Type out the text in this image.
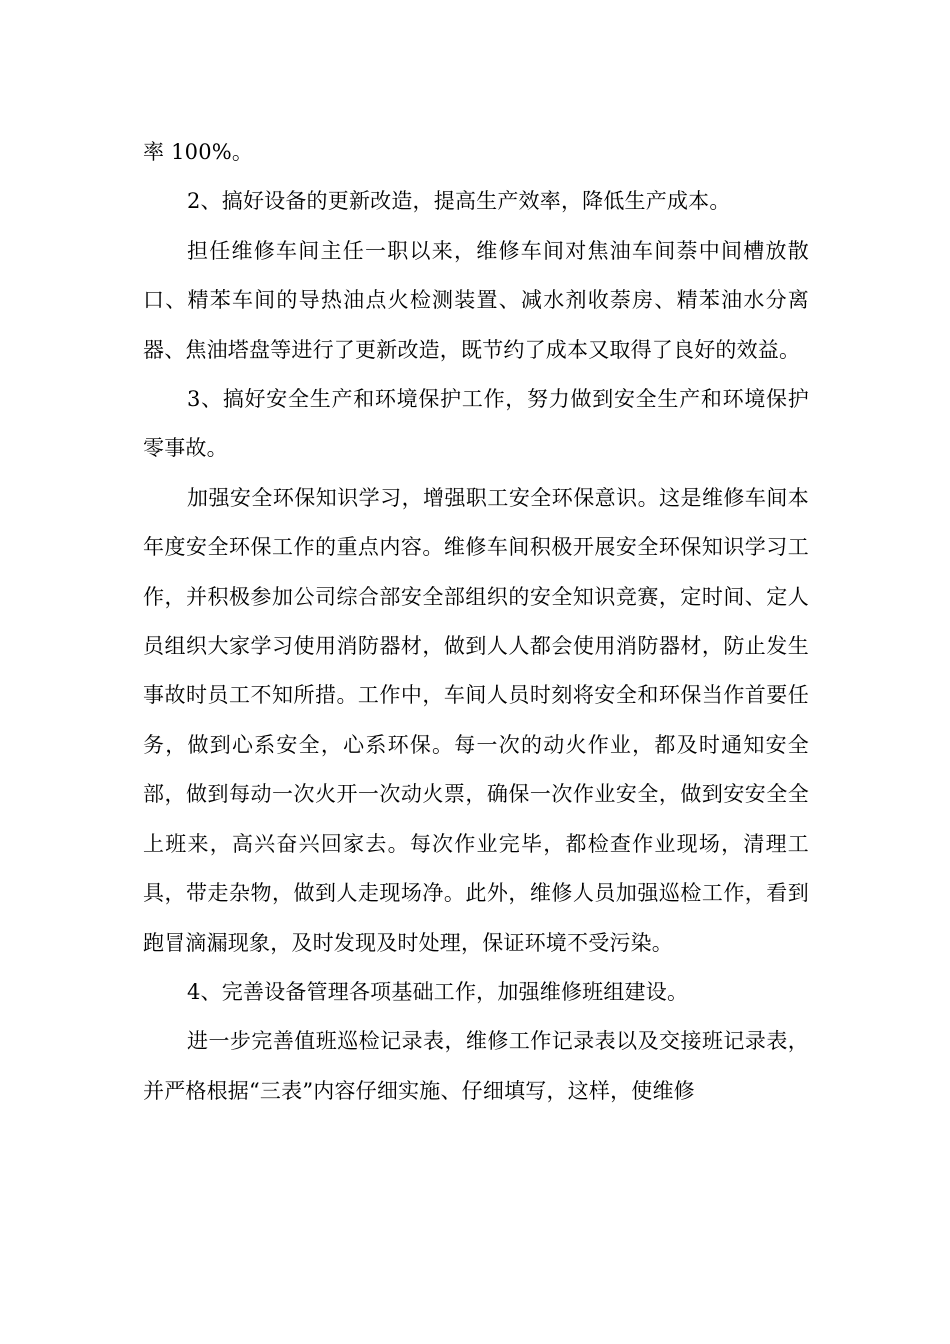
率 100%。

2、搞好设备的更新改造，提高生产效率，降低生产成本。

担任维修车间主任一职以来，维修车间对焦油车间萘中间槽放散口、精苯车间的导热油点火检测装置、减水剂收萘房、精苯油水分离器、焦油塔盘等进行了更新改造，既节约了成本又取得了良好的效益。

3、搞好安全生产和环境保护工作，努力做到安全生产和环境保护零事故。

加强安全环保知识学习，增强职工安全环保意识。这是维修车间本年度安全环保工作的重点内容。维修车间积极开展安全环保知识学习工作，并积极参加公司综合部安全部组织的安全知识竞赛，定时间、定人员组织大家学习使用消防器材，做到人人都会使用消防器材，防止发生事故时员工不知所措。工作中，车间人员时刻将安全和环保当作首要任务，做到心系安全，心系环保。每一次的动火作业，都及时通知安全部，做到每动一次火开一次动火票，确保一次作业安全，做到安安全全上班来，高兴奋兴回家去。每次作业完毕，都检查作业现场，清理工具，带走杂物，做到人走现场净。此外，维修人员加强巡检工作，看到跑冒滴漏现象，及时发现及时处理，保证环境不受污染。

4、完善设备管理各项基础工作，加强维修班组建设。

进一步完善值班巡检记录表，维修工作记录表以及交接班记录表，并严格根据“三表”内容仔细实施、仔细填写，这样，使维修
